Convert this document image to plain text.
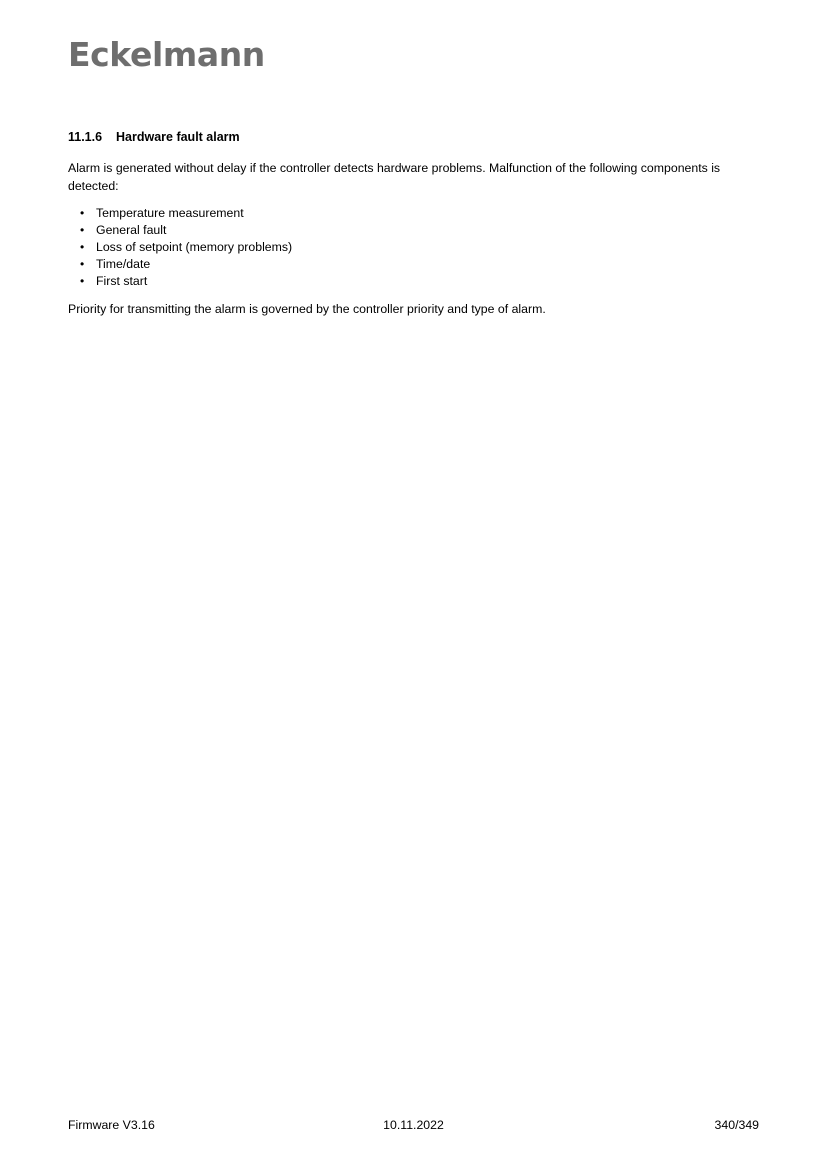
Eckelmann
11.1.6	Hardware fault alarm

Alarm is generated without delay if the controller detects hardware problems. Malfunction of the following components is detected:

• Temperature measurement
• General fault
• Loss of setpoint (memory problems)
• Time/date
• First start

Priority for transmitting the alarm is governed by the controller priority and type of alarm.

Firmware V3.16	10.11.2022	340/349
